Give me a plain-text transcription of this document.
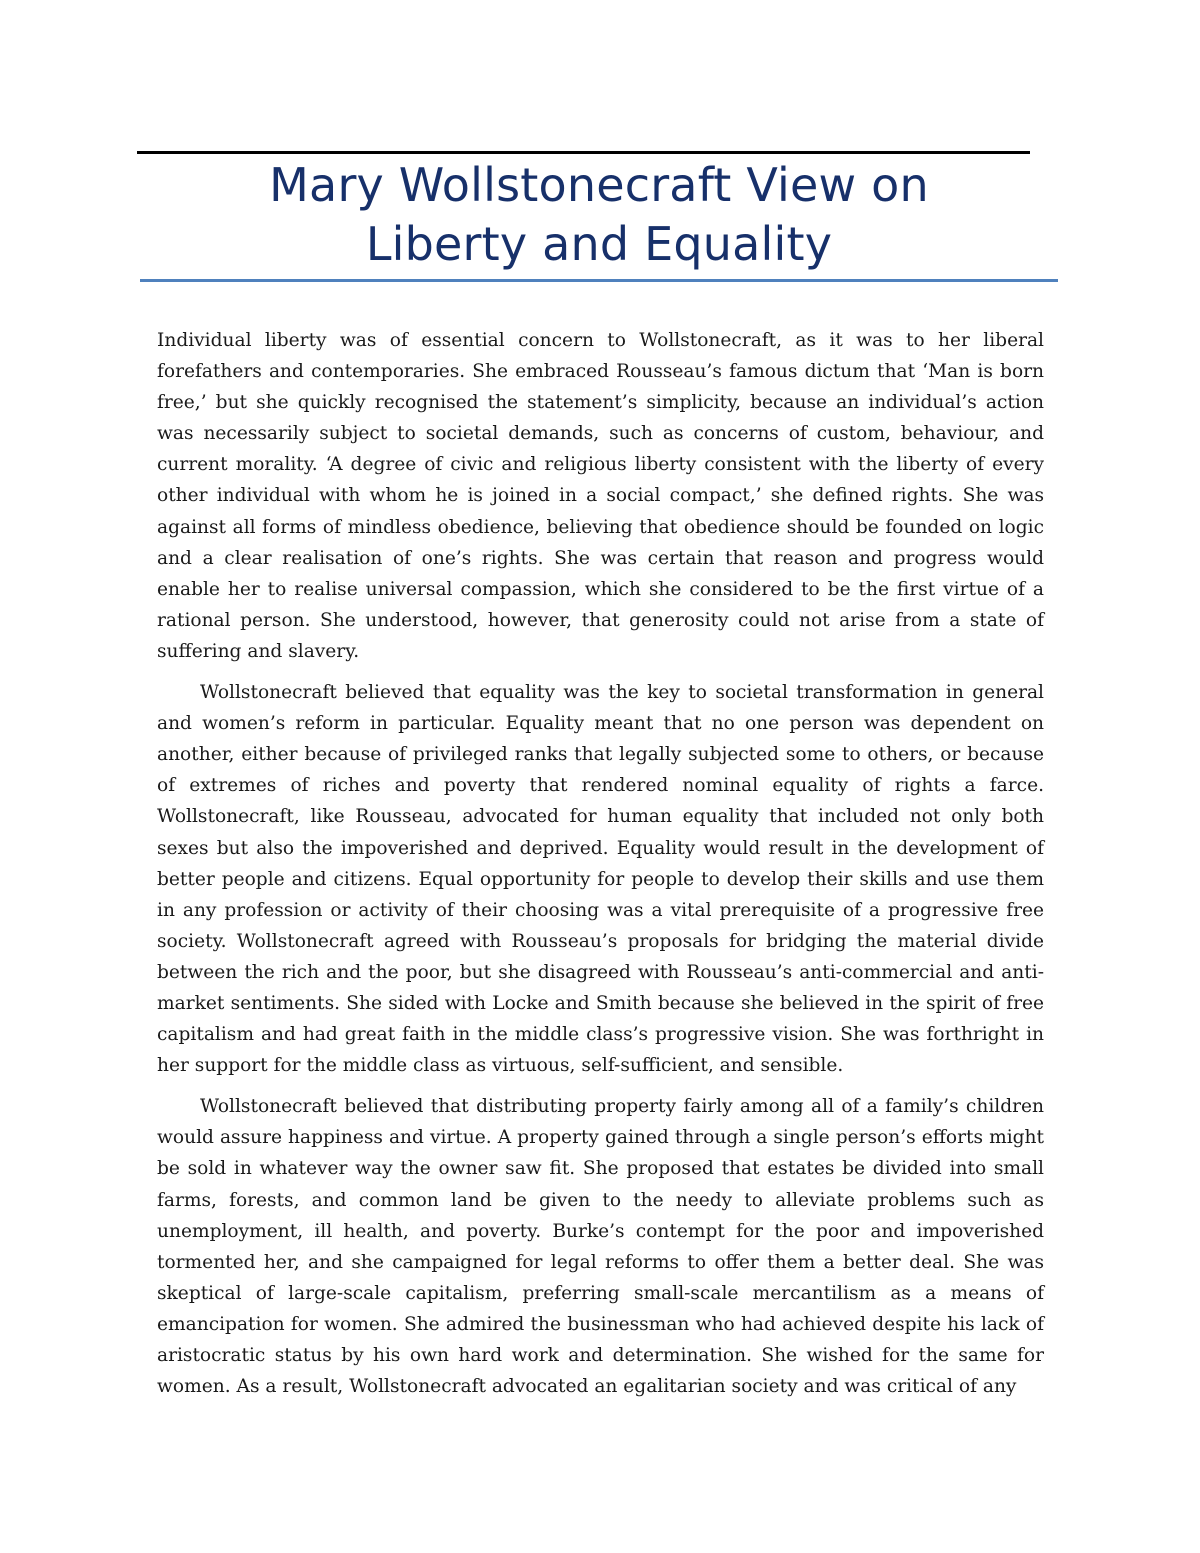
Mary Wollstonecraft View on
Liberty and Equality

Individual liberty was of essential concern to Wollstonecraft, as it was to her liberal forefathers and contemporaries. She embraced Rousseau’s famous dictum that ‘Man is born free,’ but she quickly recognised the statement’s simplicity, because an individual’s action was necessarily subject to societal demands, such as concerns of custom, behaviour, and current morality. ‘A degree of civic and religious liberty consistent with the liberty of every other individual with whom he is joined in a social compact,’ she defined rights. She was against all forms of mindless obedience, believing that obedience should be founded on logic and a clear realisation of one’s rights. She was certain that reason and progress would enable her to realise universal compassion, which she considered to be the first virtue of a rational person. She understood, however, that generosity could not arise from a state of suffering and slavery.

Wollstonecraft believed that equality was the key to societal transformation in general and women’s reform in particular. Equality meant that no one person was dependent on another, either because of privileged ranks that legally subjected some to others, or because of extremes of riches and poverty that rendered nominal equality of rights a farce. Wollstonecraft, like Rousseau, advocated for human equality that included not only both sexes but also the impoverished and deprived. Equality would result in the development of better people and citizens. Equal opportunity for people to develop their skills and use them in any profession or activity of their choosing was a vital prerequisite of a progressive free society. Wollstonecraft agreed with Rousseau’s proposals for bridging the material divide between the rich and the poor, but she disagreed with Rousseau’s anti-commercial and anti-market sentiments. She sided with Locke and Smith because she believed in the spirit of free capitalism and had great faith in the middle class’s progressive vision. She was forthright in her support for the middle class as virtuous, self-sufficient, and sensible.

Wollstonecraft believed that distributing property fairly among all of a family’s children would assure happiness and virtue. A property gained through a single person’s efforts might be sold in whatever way the owner saw fit. She proposed that estates be divided into small farms, forests, and common land be given to the needy to alleviate problems such as unemployment, ill health, and poverty. Burke’s contempt for the poor and impoverished tormented her, and she campaigned for legal reforms to offer them a better deal. She was skeptical of large-scale capitalism, preferring small-scale mercantilism as a means of emancipation for women. She admired the businessman who had achieved despite his lack of aristocratic status by his own hard work and determination. She wished for the same for women. As a result, Wollstonecraft advocated an egalitarian society and was critical of any
